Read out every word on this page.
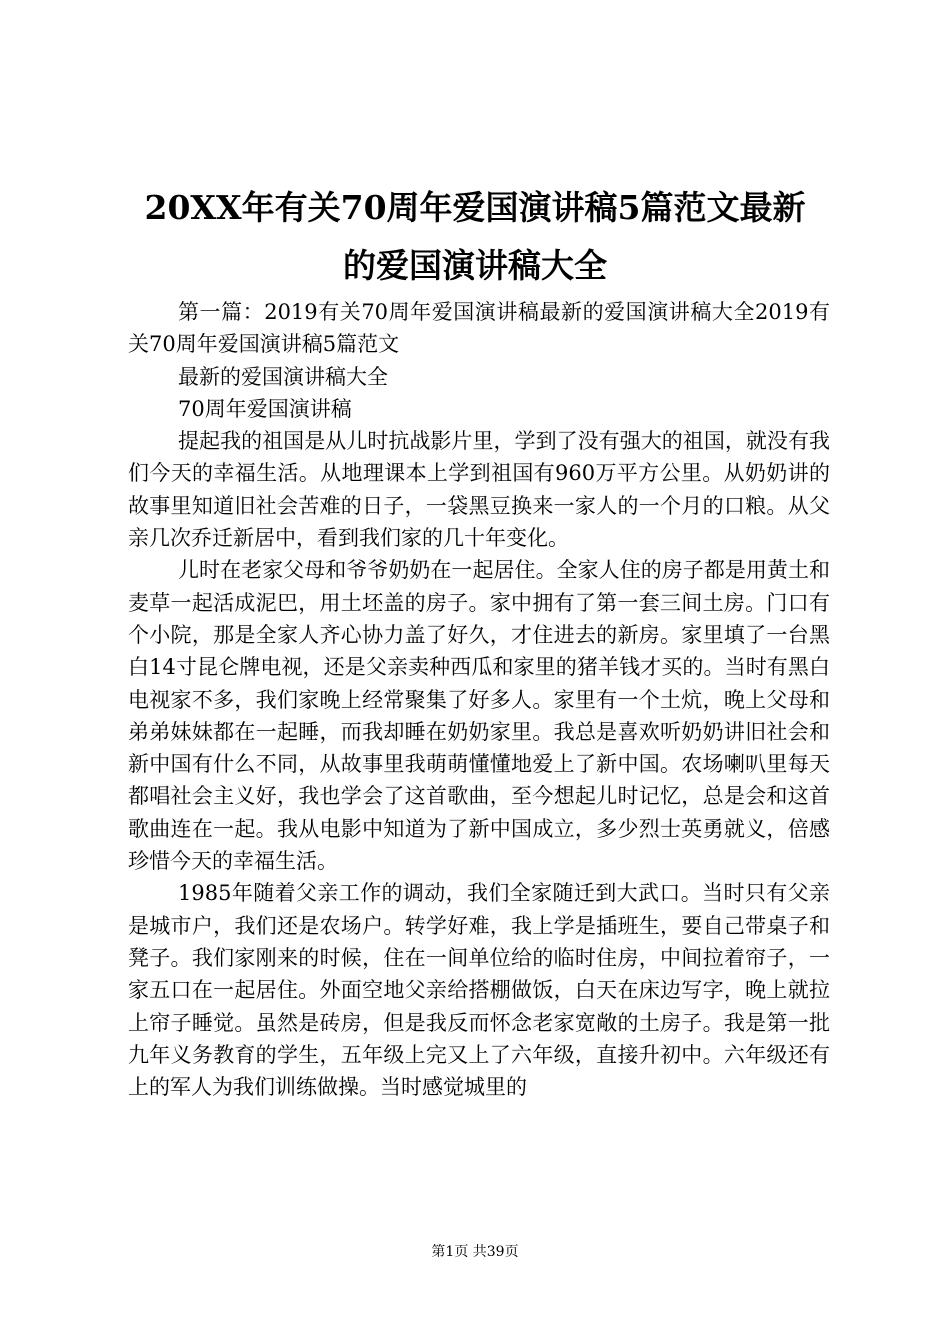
20XX年有关70周年爱国演讲稿5篇范文最新
的爱国演讲稿大全

第一篇：2019有关70周年爱国演讲稿最新的爱国演讲稿大全2019有关70周年爱国演讲稿5篇范文

最新的爱国演讲稿大全

70周年爱国演讲稿

提起我的祖国是从儿时抗战影片里，学到了没有强大的祖国，就没有我们今天的幸福生活。从地理课本上学到祖国有960万平方公里。从奶奶讲的故事里知道旧社会苦难的日子，一袋黑豆换来一家人的一个月的口粮。从父亲几次乔迁新居中，看到我们家的几十年变化。

儿时在老家父母和爷爷奶奶在一起居住。全家人住的房子都是用黄土和麦草一起活成泥巴，用土坯盖的房子。家中拥有了第一套三间土房。门口有个小院，那是全家人齐心协力盖了好久，才住进去的新房。家里填了一台黑白14寸昆仑牌电视，还是父亲卖种西瓜和家里的猪羊钱才买的。当时有黑白电视家不多，我们家晚上经常聚集了好多人。家里有一个土炕，晚上父母和弟弟妹妹都在一起睡，而我却睡在奶奶家里。我总是喜欢听奶奶讲旧社会和新中国有什么不同，从故事里我萌萌懂懂地爱上了新中国。农场喇叭里每天都唱社会主义好，我也学会了这首歌曲，至今想起儿时记忆，总是会和这首歌曲连在一起。我从电影中知道为了新中国成立，多少烈士英勇就义，倍感珍惜今天的幸福生活。

1985年随着父亲工作的调动，我们全家随迁到大武口。当时只有父亲是城市户，我们还是农场户。转学好难，我上学是插班生，要自己带桌子和凳子。我们家刚来的时候，住在一间单位给的临时住房，中间拉着帘子，一家五口在一起居住。外面空地父亲给搭棚做饭，白天在床边写字，晚上就拉上帘子睡觉。虽然是砖房，但是我反而怀念老家宽敞的土房子。我是第一批九年义务教育的学生，五年级上完又上了六年级，直接升初中。六年级还有上的军人为我们训练做操。当时感觉城里的

第1页 共39页
